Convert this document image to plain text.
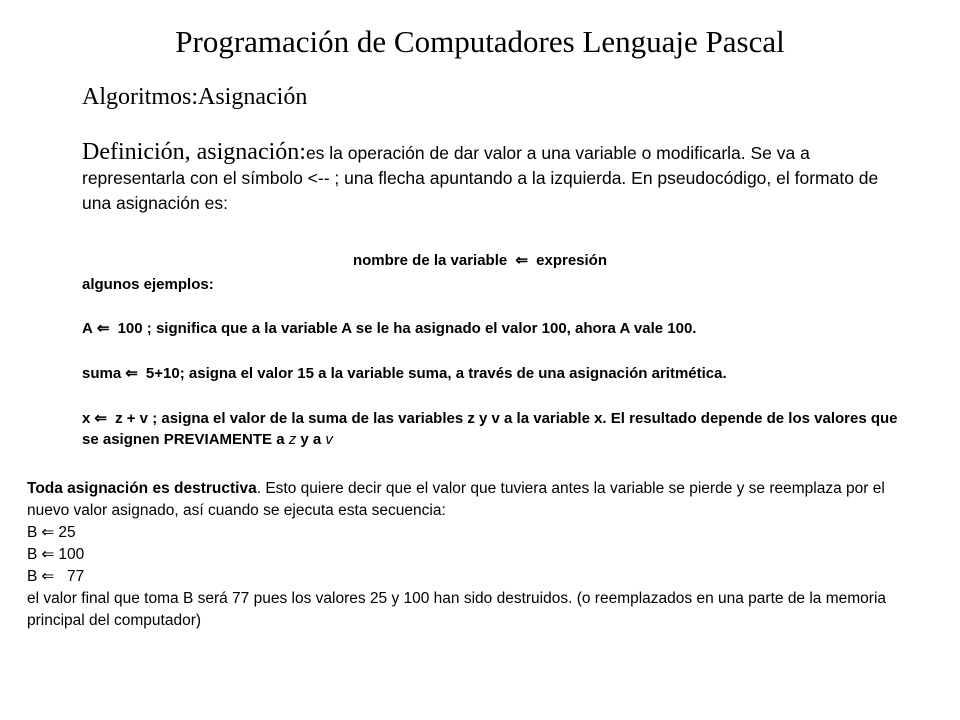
Programación de Computadores Lenguaje Pascal
Algoritmos:Asignación
Definición, asignación:es la operación de dar valor a una variable o modificarla. Se va a representarla con el símbolo <-- ; una flecha apuntando a la izquierda. En pseudocódigo, el formato de una asignación es:
nombre de la variable ⇐ expresión
algunos ejemplos:
A ⇐ 100 ; significa que a la variable A se le ha asignado el valor 100, ahora A vale 100.
suma ⇐ 5+10; asigna el valor 15 a la variable suma, a través de una asignación aritmética.
x ⇐ z + v ; asigna el valor de la suma de las variables z y v a la variable x. El resultado depende de los valores que se asignen PREVIAMENTE a z y a v
Toda asignación es destructiva. Esto quiere decir que el valor que tuviera antes la variable se pierde y se reemplaza por el nuevo valor asignado, así cuando se ejecuta esta secuencia:
B ⇐ 25
B ⇐ 100
B ⇐  77
el valor final que toma B será 77 pues los valores 25 y 100 han sido destruidos. (o reemplazados en una parte de la memoria principal del computador)
